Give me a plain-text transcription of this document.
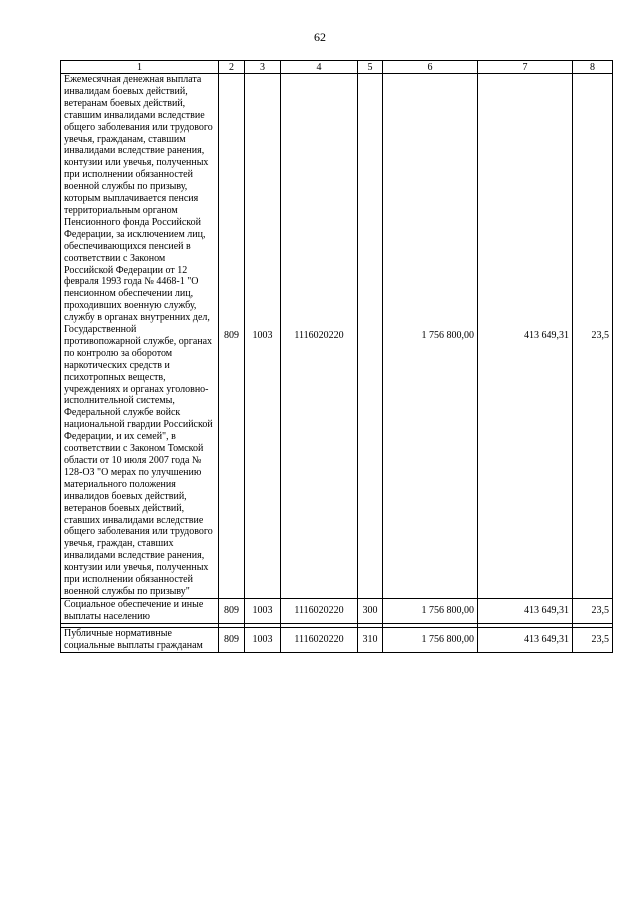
62
1	2	3	4	5	6	7	8
Ежемесячная денежная выплата инвалидам боевых действий, ветеранам боевых действий, ставшим инвалидами вследствие общего заболевания или трудового увечья, гражданам, ставшим инвалидами вследствие ранения, контузии или увечья, полученных при исполнении обязанностей военной службы по призыву, которым выплачивается пенсия территориальным органом Пенсионного фонда Российской Федерации, за исключением лиц, обеспечивающихся пенсией в соответствии с Законом Российской Федерации от 12 февраля 1993 года № 4468-1 "О пенсионном обеспечении лиц, проходивших военную службу, службу в органах внутренних дел, Государственной противопожарной службе, органах по контролю за оборотом наркотических средств и психотропных веществ, учреждениях и органах уголовно-исполнительной системы, Федеральной службе войск национальной гвардии Российской Федерации, и их семей", в соответствии с Законом Томской области от 10 июля 2007 года № 128-ОЗ "О мерах по улучшению материального положения инвалидов боевых действий, ветеранов боевых действий, ставших инвалидами вследствие общего заболевания или трудового увечья, граждан, ставших инвалидами вследствие ранения, контузии или увечья, полученных при исполнении обязанностей военной службы по призыву"	809	1003	1116020220		1 756 800,00	413 649,31	23,5
Социальное обеспечение и иные выплаты населению	809	1003	1116020220	300	1 756 800,00	413 649,31	23,5

Публичные нормативные социальные выплаты гражданам	809	1003	1116020220	310	1 756 800,00	413 649,31	23,5
